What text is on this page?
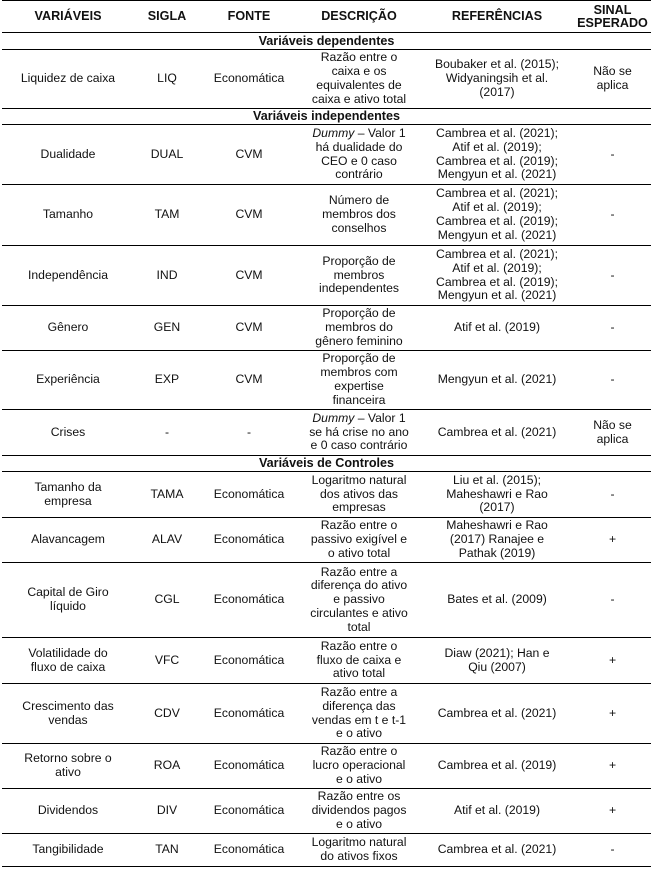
VARIÁVEIS	SIGLA	FONTE	DESCRIÇÃO	REFERÊNCIAS	SINAL
ESPERADO
Variáveis dependentes					
Liquidez de caixa	LIQ	Economática	Razão entre o
caixa e os
equivalentes de
caixa e ativo total	Boubaker et al. (2015);
Widyaningsih et al.
(2017)	Não se
aplica
Variáveis independentes					
Dualidade	DUAL	CVM	Dummy – Valor 1
há dualidade do
CEO e 0 caso
contrário	Cambrea et al. (2021);
Atif et al. (2019);
Cambrea et al. (2019);
Mengyun et al. (2021)	-
Tamanho	TAM	CVM	Número de
membros dos
conselhos	Cambrea et al. (2021);
Atif et al. (2019);
Cambrea et al. (2019);
Mengyun et al. (2021)	-
Independência	IND	CVM	Proporção de
membros
independentes	Cambrea et al. (2021);
Atif et al. (2019);
Cambrea et al. (2019);
Mengyun et al. (2021)	-
Gênero	GEN	CVM	Proporção de
membros do
gênero feminino	Atif et al. (2019)	-
Experiência	EXP	CVM	Proporção de
membros com
expertise
financeira	Mengyun et al. (2021)	-
Crises	-	-	Dummy – Valor 1
se há crise no ano
e 0 caso contrário	Cambrea et al. (2021)	Não se
aplica
Variáveis de Controles					
Tamanho da
empresa	TAMA	Economática	Logaritmo natural
dos ativos das
empresas	Liu et al. (2015);
Maheshawri e Rao
(2017)	-
Alavancagem	ALAV	Economática	Razão entre o
passivo exigível e
o ativo total	Maheshawri e Rao
(2017) Ranajee e
Pathak (2019)	+
Capital de Giro
líquido	CGL	Economática	Razão entre a
diferença do ativo
e passivo
circulantes e ativo
total	Bates et al. (2009)	-
Volatilidade do
fluxo de caixa	VFC	Economática	Razão entre o
fluxo de caixa e
ativo total	Diaw (2021); Han e
Qiu (2007)	+
Crescimento das
vendas	CDV	Economática	Razão entre a
diferença das
vendas em t e t-1
e o ativo	Cambrea et al. (2021)	+
Retorno sobre o
ativo	ROA	Economática	Razão entre o
lucro operacional
e o ativo	Cambrea et al. (2019)	+
Dividendos	DIV	Economática	Razão entre os
dividendos pagos
e o ativo	Atif et al. (2019)	+
Tangibilidade	TAN	Economática	Logaritmo natural
do ativos fixos	Cambrea et al. (2021)	-
